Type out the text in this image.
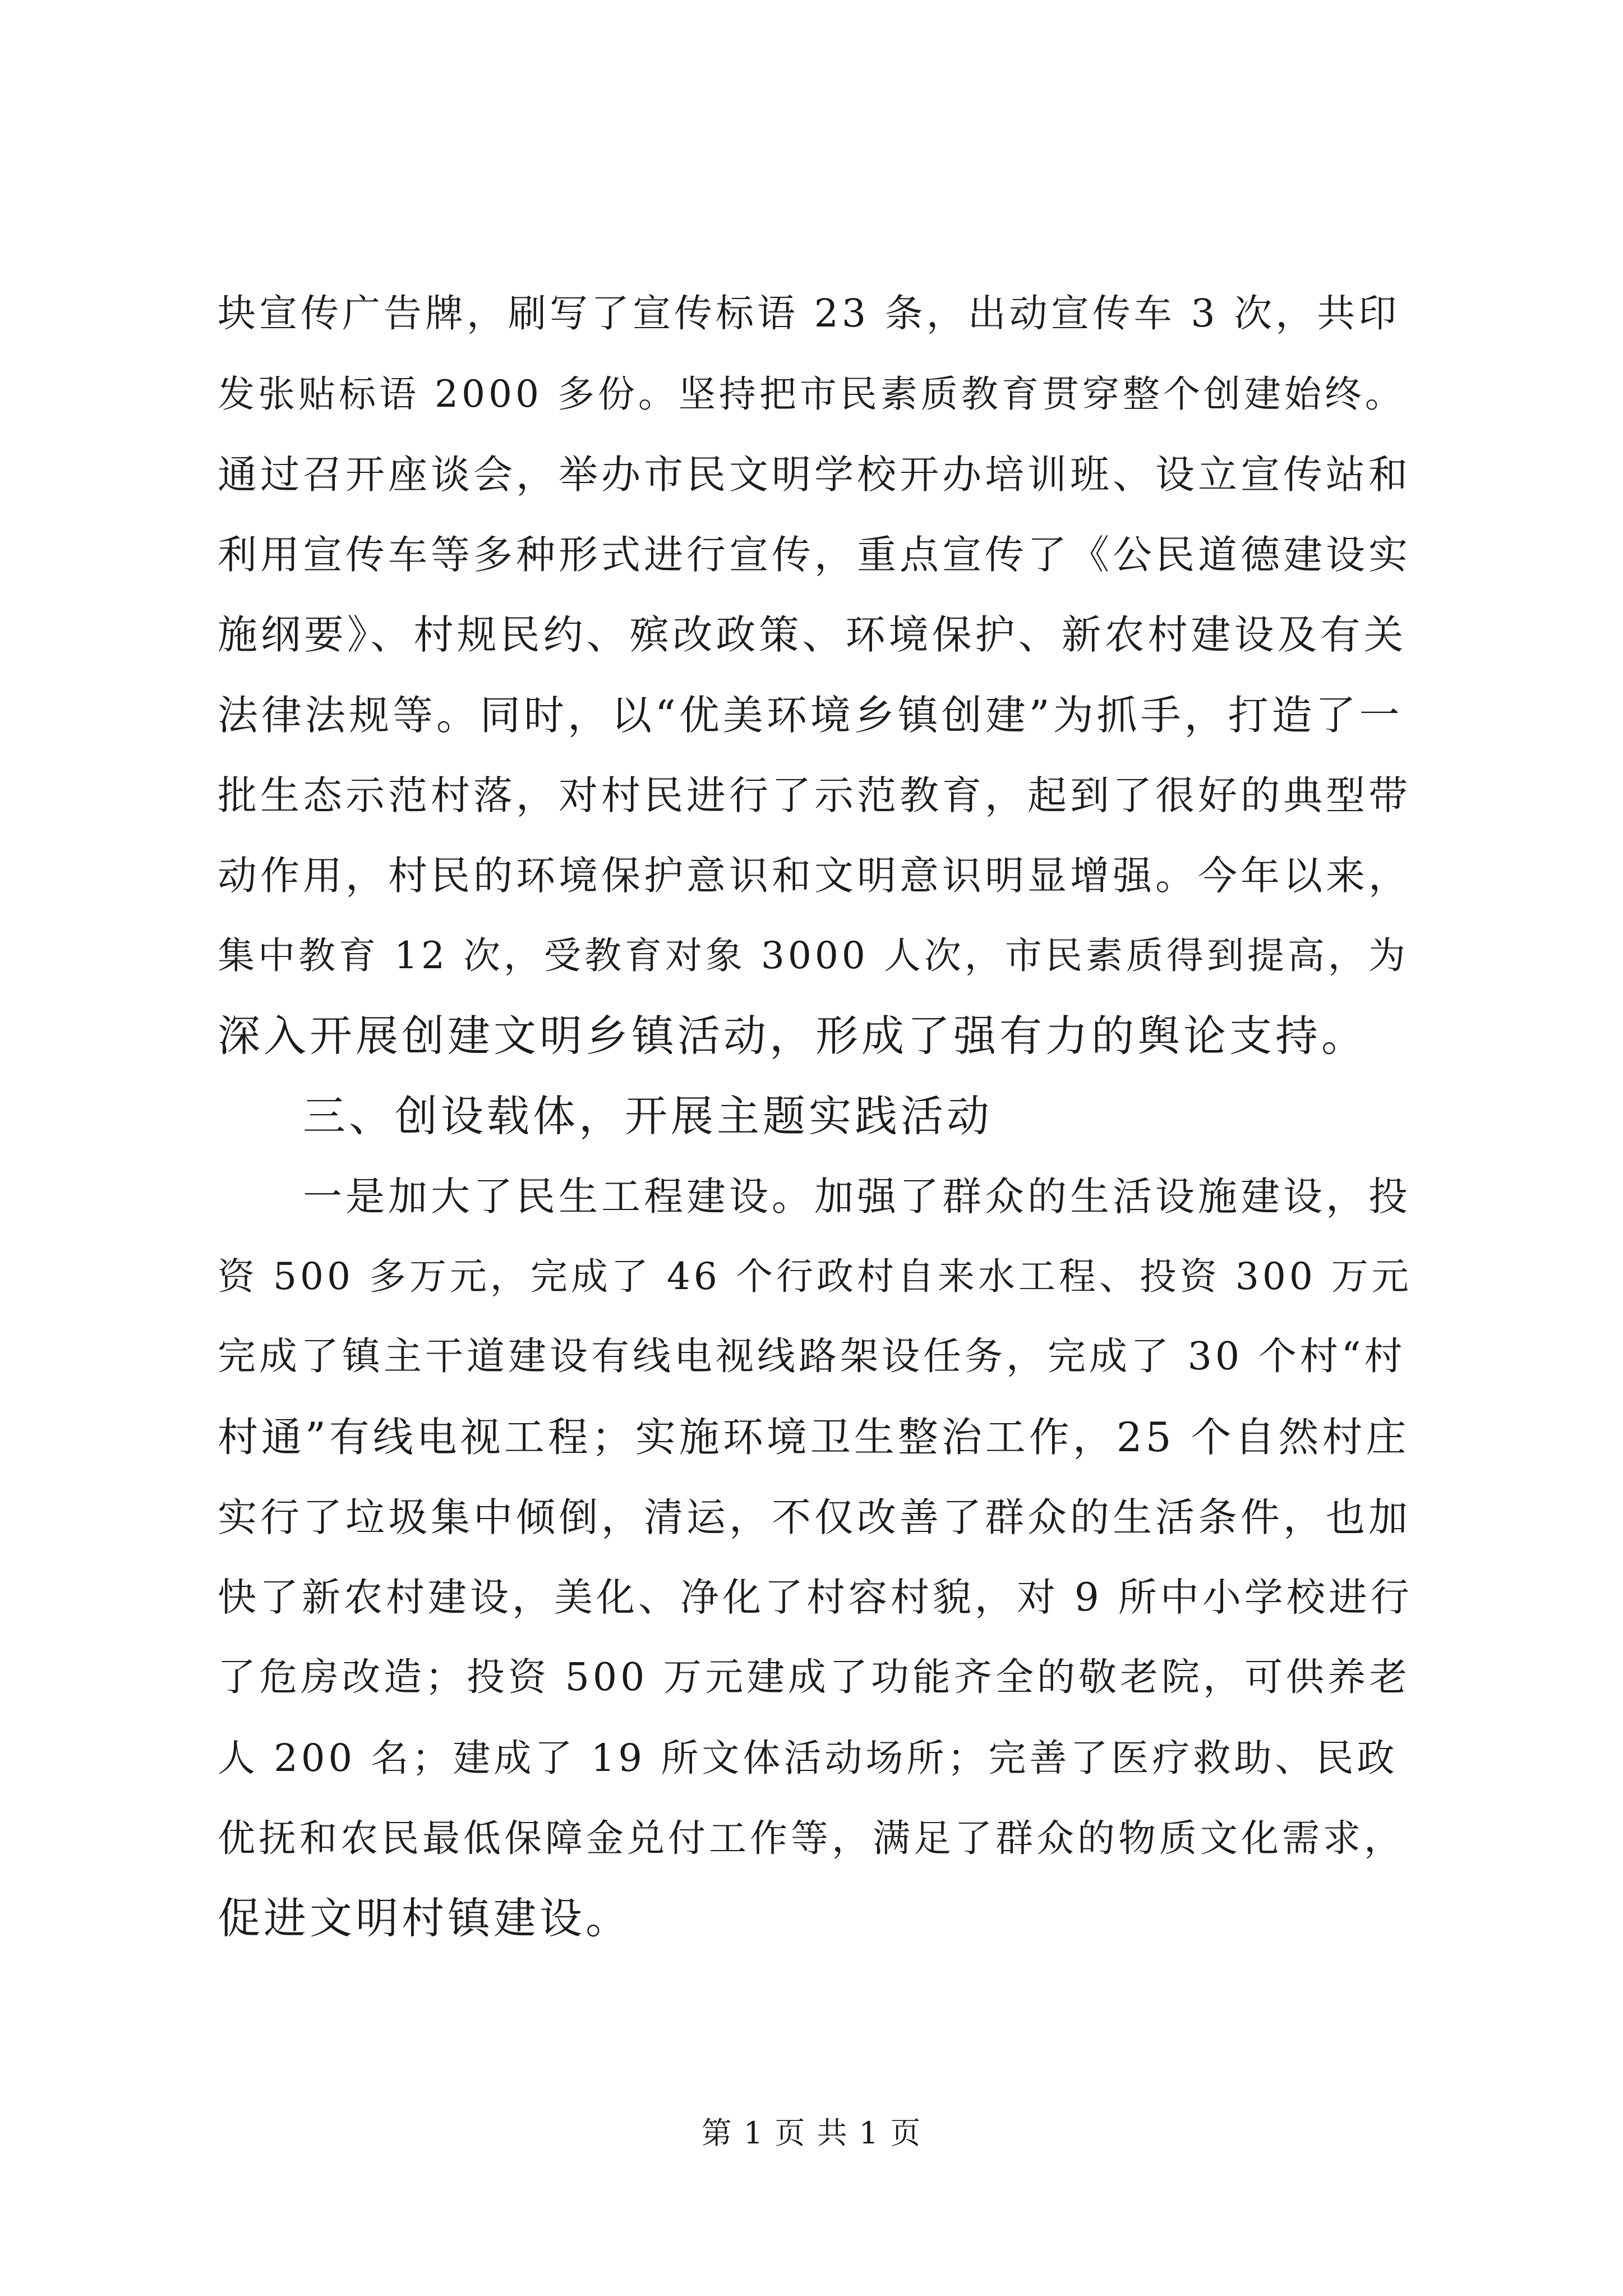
块宣传广告牌，刷写了宣传标语 23 条，出动宣传车 3 次，共印
发张贴标语 2000 多份。坚持把市民素质教育贯穿整个创建始终。
通过召开座谈会，举办市民文明学校开办培训班、设立宣传站和
利用宣传车等多种形式进行宣传，重点宣传了《公民道德建设实
施纲要》、村规民约、殡改政策、环境保护、新农村建设及有关
法律法规等。同时，以“优美环境乡镇创建”为抓手，打造了一
批生态示范村落，对村民进行了示范教育，起到了很好的典型带
动作用，村民的环境保护意识和文明意识明显增强。今年以来，
集中教育 12 次，受教育对象 3000 人次，市民素质得到提高，为
深入开展创建文明乡镇活动，形成了强有力的舆论支持。
三、创设载体，开展主题实践活动
一是加大了民生工程建设。加强了群众的生活设施建设，投
资 500 多万元，完成了 46 个行政村自来水工程、投资 300 万元
完成了镇主干道建设有线电视线路架设任务，完成了 30 个村“村
村通”有线电视工程；实施环境卫生整治工作，25 个自然村庄
实行了垃圾集中倾倒，清运，不仅改善了群众的生活条件，也加
快了新农村建设，美化、净化了村容村貌，对 9 所中小学校进行
了危房改造；投资 500 万元建成了功能齐全的敬老院，可供养老
人 200 名；建成了 19 所文体活动场所；完善了医疗救助、民政
优抚和农民最低保障金兑付工作等，满足了群众的物质文化需求，
促进文明村镇建设。
第 1 页 共 1 页
